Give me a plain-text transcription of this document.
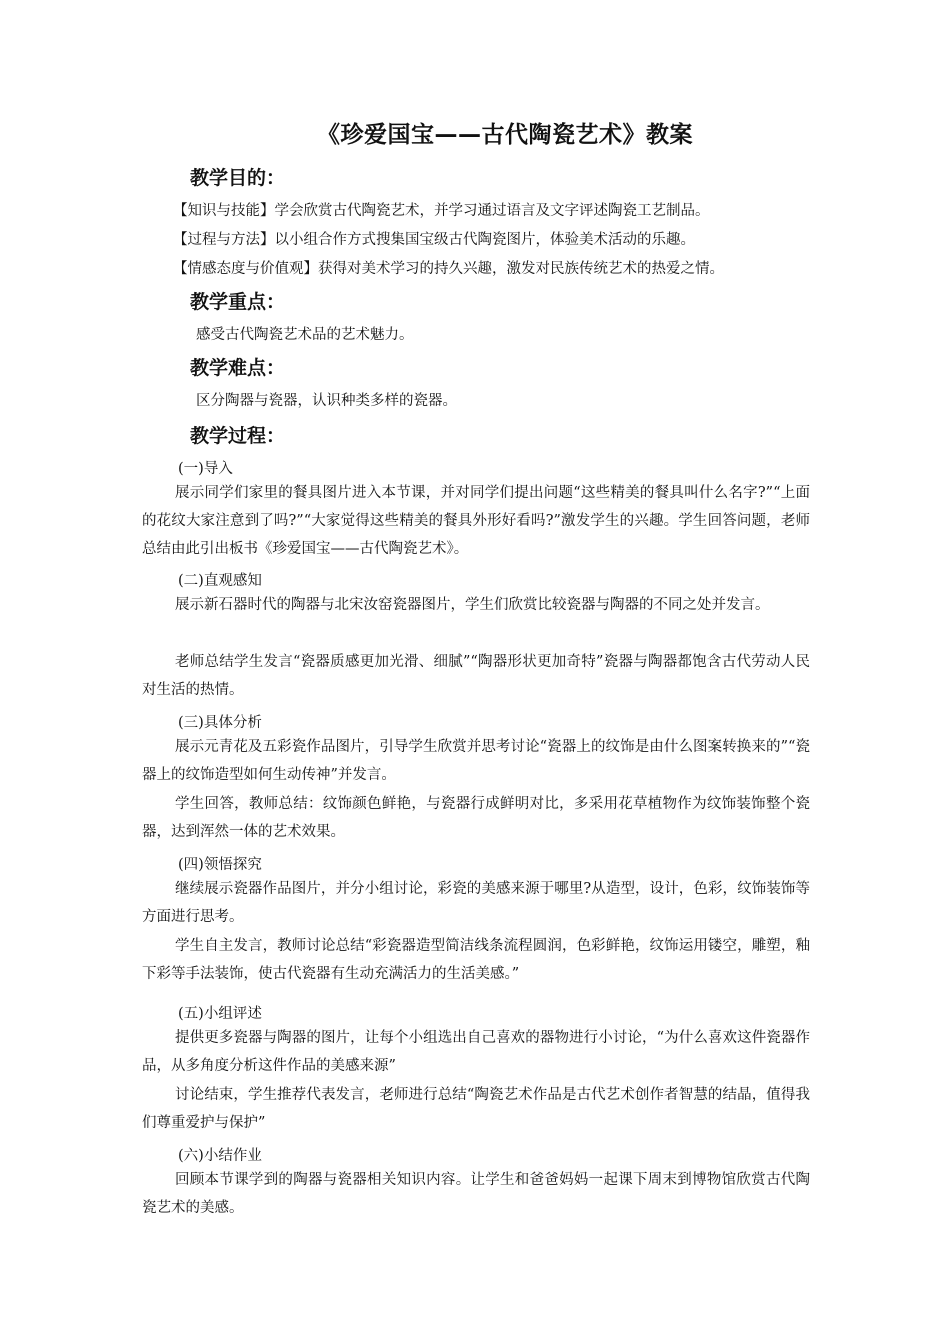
《珍爱国宝——古代陶瓷艺术》教案
教学目的：
【知识与技能】学会欣赏古代陶瓷艺术，并学习通过语言及文字评述陶瓷工艺制品。
【过程与方法】以小组合作方式搜集国宝级古代陶瓷图片，体验美术活动的乐趣。
【情感态度与价值观】获得对美术学习的持久兴趣，激发对民族传统艺术的热爱之情。
教学重点：
感受古代陶瓷艺术品的艺术魅力。
教学难点：
区分陶器与瓷器，认识种类多样的瓷器。
教学过程：
(一)导入
展示同学们家里的餐具图片进入本节课，并对同学们提出问题“这些精美的餐具叫什么名字?”“上面的花纹大家注意到了吗?”“大家觉得这些精美的餐具外形好看吗?”激发学生的兴趣。学生回答问题，老师总结由此引出板书《珍爱国宝——古代陶瓷艺术》。
(二)直观感知
展示新石器时代的陶器与北宋汝窑瓷器图片，学生们欣赏比较瓷器与陶器的不同之处并发言。
老师总结学生发言“瓷器质感更加光滑、细腻”“陶器形状更加奇特”瓷器与陶器都饱含古代劳动人民对生活的热情。
(三)具体分析
展示元青花及五彩瓷作品图片，引导学生欣赏并思考讨论“瓷器上的纹饰是由什么图案转换来的”“瓷器上的纹饰造型如何生动传神”并发言。
学生回答，教师总结：纹饰颜色鲜艳，与瓷器行成鲜明对比，多采用花草植物作为纹饰装饰整个瓷器，达到浑然一体的艺术效果。
(四)领悟探究
继续展示瓷器作品图片，并分小组讨论，彩瓷的美感来源于哪里?从造型，设计，色彩，纹饰装饰等方面进行思考。
学生自主发言，教师讨论总结“彩瓷器造型简洁线条流程圆润，色彩鲜艳，纹饰运用镂空，雕塑，釉下彩等手法装饰，使古代瓷器有生动充满活力的生活美感。”
(五)小组评述
提供更多瓷器与陶器的图片，让每个小组选出自己喜欢的器物进行小讨论，“为什么喜欢这件瓷器作品，从多角度分析这件作品的美感来源”
讨论结束，学生推荐代表发言，老师进行总结“陶瓷艺术作品是古代艺术创作者智慧的结晶，值得我们尊重爱护与保护”
(六)小结作业
回顾本节课学到的陶器与瓷器相关知识内容。让学生和爸爸妈妈一起课下周末到博物馆欣赏古代陶瓷艺术的美感。
